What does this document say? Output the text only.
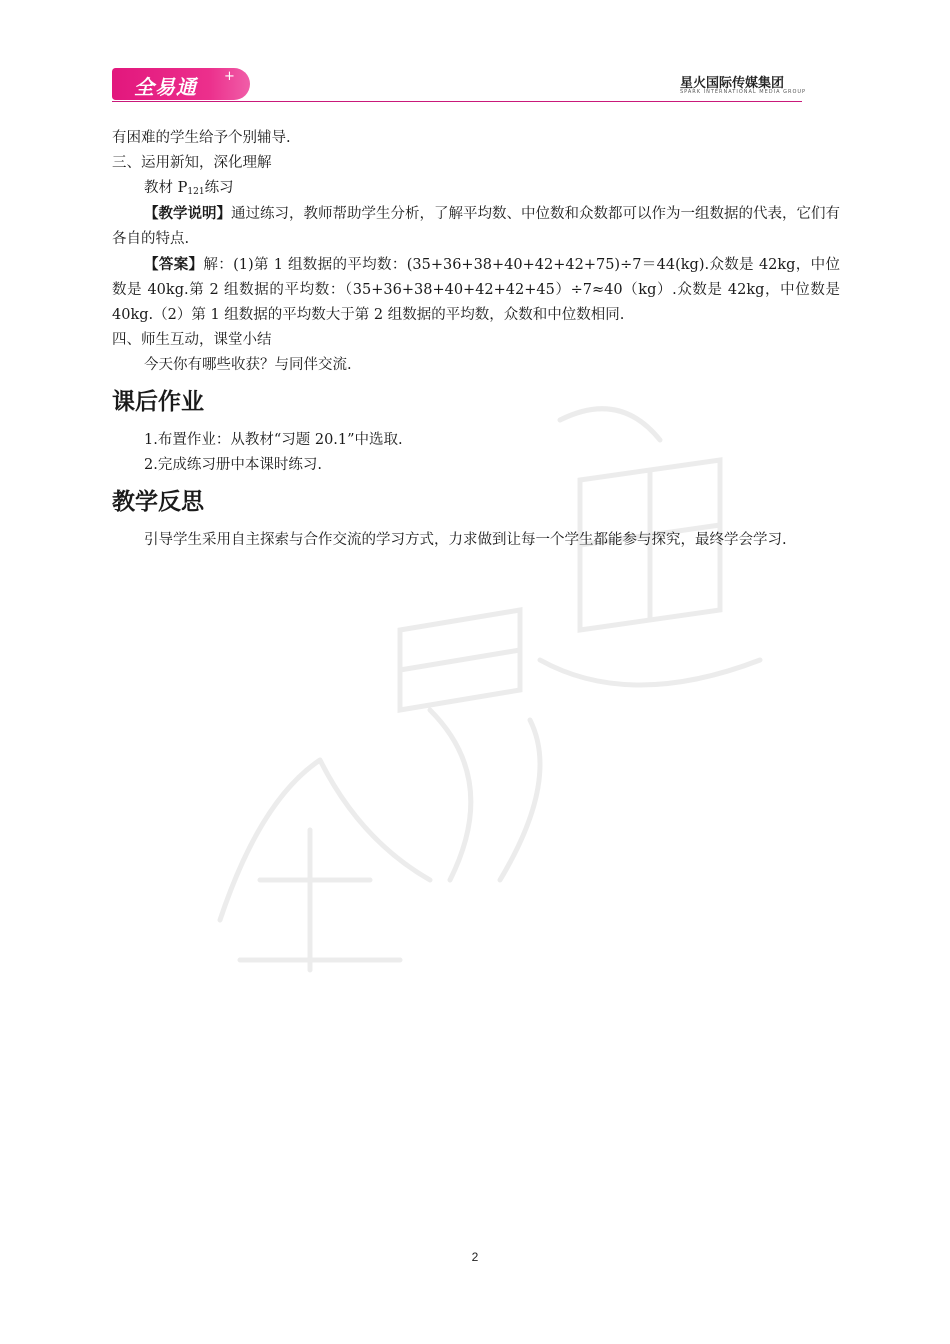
全易通 +	星火国际传媒集团
SPARK INTERNATIONAL MEDIA GROUP
有困难的学生给予个别辅导.
三、运用新知，深化理解
教材 $P_{121}$练习

【教学说明】通过练习，教师帮助学生分析，了解平均数、中位数和众数都可以作为一组数据的代表，它们有各自的特点.

【答案】解：(1)第 1 组数据的平均数：(35+36+38+40+42+42+75)÷7＝44(kg).众数是 42kg，中位数是 40kg.第 2 组数据的平均数：（35+36+38+40+42+42+45）÷7≈40（kg）.众数是 42kg，中位数是 40kg.（2）第 1 组数据的平均数大于第 2 组数据的平均数，众数和中位数相同.

四、师生互动，课堂小结
今天你有哪些收获？与同伴交流.
课后作业
1.布置作业：从教材“习题 20.1”中选取.
2.完成练习册中本课时练习.
教学反思

引导学生采用自主探索与合作交流的学习方式，力求做到让每一个学生都能参与探究，最终学会学习.

2
